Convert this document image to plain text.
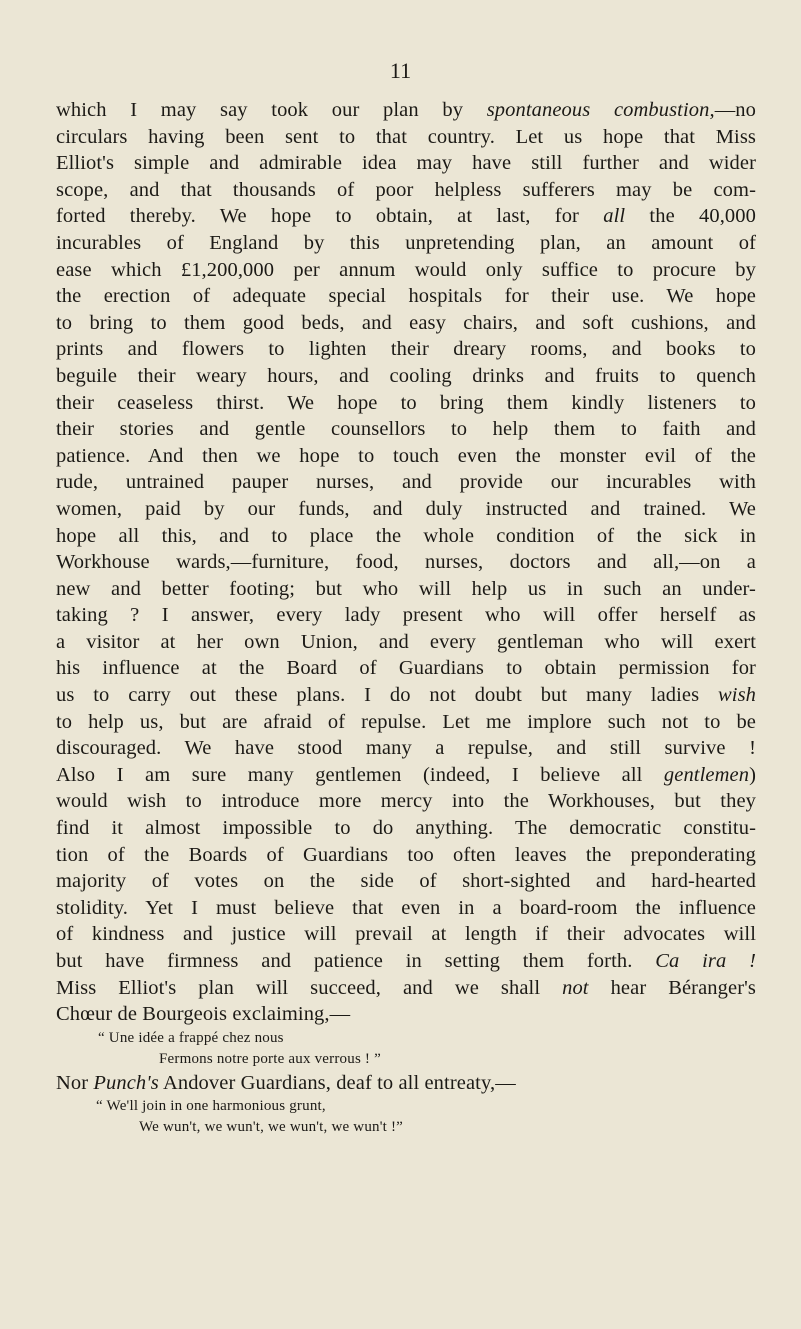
11
which I may say took our plan by spontaneous combustion,—no
circulars having been sent to that country. Let us hope that Miss
Elliot's simple and admirable idea may have still further and wider
scope, and that thousands of poor helpless sufferers may be com-
forted thereby. We hope to obtain, at last, for all the 40,000
incurables of England by this unpretending plan, an amount of
ease which £1,200,000 per annum would only suffice to procure by
the erection of adequate special hospitals for their use. We hope
to bring to them good beds, and easy chairs, and soft cushions, and
prints and flowers to lighten their dreary rooms, and books to
beguile their weary hours, and cooling drinks and fruits to quench
their ceaseless thirst. We hope to bring them kindly listeners to
their stories and gentle counsellors to help them to faith and
patience. And then we hope to touch even the monster evil of the
rude, untrained pauper nurses, and provide our incurables with
women, paid by our funds, and duly instructed and trained. We
hope all this, and to place the whole condition of the sick in
Workhouse wards,—furniture, food, nurses, doctors and all,—on a
new and better footing; but who will help us in such an under-
taking ? I answer, every lady present who will offer herself as
a visitor at her own Union, and every gentleman who will exert
his influence at the Board of Guardians to obtain permission for
us to carry out these plans. I do not doubt but many ladies wish
to help us, but are afraid of repulse. Let me implore such not to be
discouraged. We have stood many a repulse, and still survive !
Also I am sure many gentlemen (indeed, I believe all gentlemen)
would wish to introduce more mercy into the Workhouses, but they
find it almost impossible to do anything. The democratic constitu-
tion of the Boards of Guardians too often leaves the preponderating
majority of votes on the side of short-sighted and hard-hearted
stolidity. Yet I must believe that even in a board-room the influence
of kindness and justice will prevail at length if their advocates will
but have firmness and patience in setting them forth. Ca ira !
Miss Elliot's plan will succeed, and we shall not hear Béranger's
Chœur de Bourgeois exclaiming,—
“ Une idée a frappé chez nous
Fermons notre porte aux verrous ! ”
Nor Punch's Andover Guardians, deaf to all entreaty,—
“ We'll join in one harmonious grunt,
We wun't, we wun't, we wun't, we wun't !”
